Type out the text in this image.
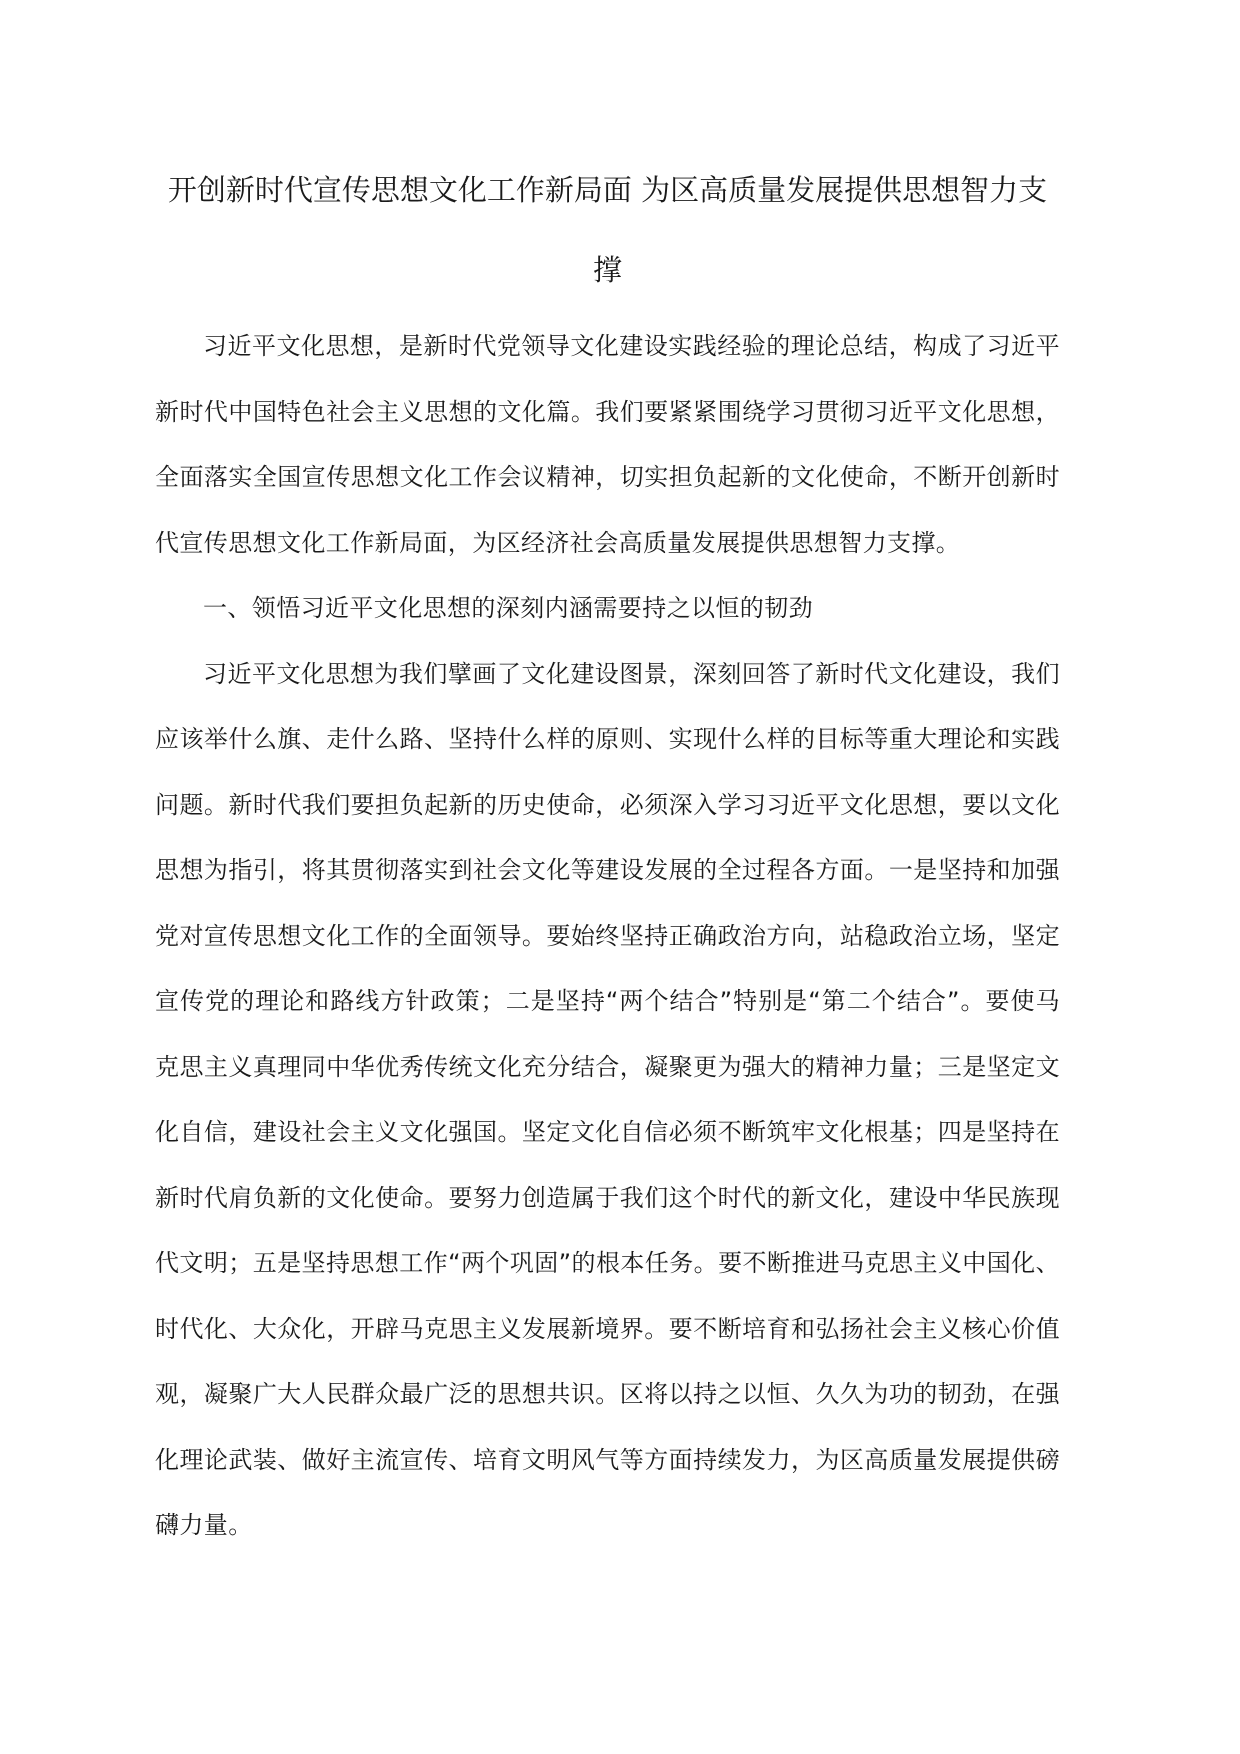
开创新时代宣传思想文化工作新局面 为区高质量发展提供思想智力支撑

习近平文化思想，是新时代党领导文化建设实践经验的理论总结，构成了习近平新时代中国特色社会主义思想的文化篇。我们要紧紧围绕学习贯彻习近平文化思想，全面落实全国宣传思想文化工作会议精神，切实担负起新的文化使命，不断开创新时代宣传思想文化工作新局面，为区经济社会高质量发展提供思想智力支撑。

一、领悟习近平文化思想的深刻内涵需要持之以恒的韧劲

习近平文化思想为我们擘画了文化建设图景，深刻回答了新时代文化建设，我们应该举什么旗、走什么路、坚持什么样的原则、实现什么样的目标等重大理论和实践问题。新时代我们要担负起新的历史使命，必须深入学习习近平文化思想，要以文化思想为指引，将其贯彻落实到社会文化等建设发展的全过程各方面。一是坚持和加强党对宣传思想文化工作的全面领导。要始终坚持正确政治方向，站稳政治立场，坚定宣传党的理论和路线方针政策；二是坚持“两个结合”特别是“第二个结合”。要使马克思主义真理同中华优秀传统文化充分结合，凝聚更为强大的精神力量；三是坚定文化自信，建设社会主义文化强国。坚定文化自信必须不断筑牢文化根基；四是坚持在新时代肩负新的文化使命。要努力创造属于我们这个时代的新文化，建设中华民族现代文明；五是坚持思想工作“两个巩固”的根本任务。要不断推进马克思主义中国化、时代化、大众化，开辟马克思主义发展新境界。要不断培育和弘扬社会主义核心价值观，凝聚广大人民群众最广泛的思想共识。区将以持之以恒、久久为功的韧劲，在强化理论武装、做好主流宣传、培育文明风气等方面持续发力，为区高质量发展提供磅礴力量。
